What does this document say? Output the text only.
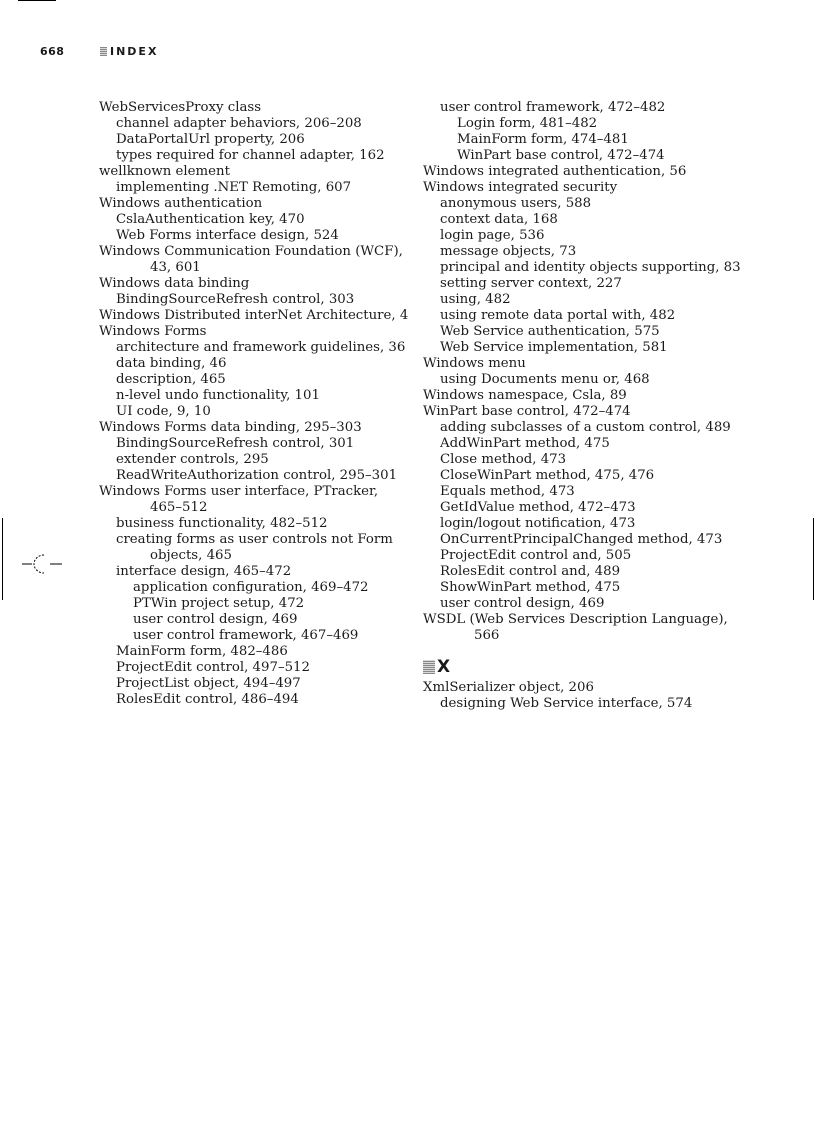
668	INDEX
WebServicesProxy class
channel adapter behaviors, 206–208
DataPortalUrl property, 206
types required for channel adapter, 162
wellknown element
implementing .NET Remoting, 607
Windows authentication
CslaAuthentication key, 470
Web Forms interface design, 524
Windows Communication Foundation (WCF),
43, 601
Windows data binding
BindingSourceRefresh control, 303
Windows Distributed interNet Architecture, 4
Windows Forms
architecture and framework guidelines, 36
data binding, 46
description, 465
n-level undo functionality, 101
UI code, 9, 10
Windows Forms data binding, 295–303
BindingSourceRefresh control, 301
extender controls, 295
ReadWriteAuthorization control, 295–301
Windows Forms user interface, PTracker,
465–512
business functionality, 482–512
creating forms as user controls not Form
objects, 465
interface design, 465–472
application configuration, 469–472
PTWin project setup, 472
user control design, 469
user control framework, 467–469
MainForm form, 482–486
ProjectEdit control, 497–512
ProjectList object, 494–497
RolesEdit control, 486–494
user control framework, 472–482
Login form, 481–482
MainForm form, 474–481
WinPart base control, 472–474
Windows integrated authentication, 56
Windows integrated security
anonymous users, 588
context data, 168
login page, 536
message objects, 73
principal and identity objects supporting, 83
setting server context, 227
using, 482
using remote data portal with, 482
Web Service authentication, 575
Web Service implementation, 581
Windows menu
using Documents menu or, 468
Windows namespace, Csla, 89
WinPart base control, 472–474
adding subclasses of a custom control, 489
AddWinPart method, 475
Close method, 473
CloseWinPart method, 475, 476
Equals method, 473
GetIdValue method, 472–473
login/logout notification, 473
OnCurrentPrincipalChanged method, 473
ProjectEdit control and, 505
RolesEdit control and, 489
ShowWinPart method, 475
user control design, 469
WSDL (Web Services Description Language),
566
X
XmlSerializer object, 206
designing Web Service interface, 574
